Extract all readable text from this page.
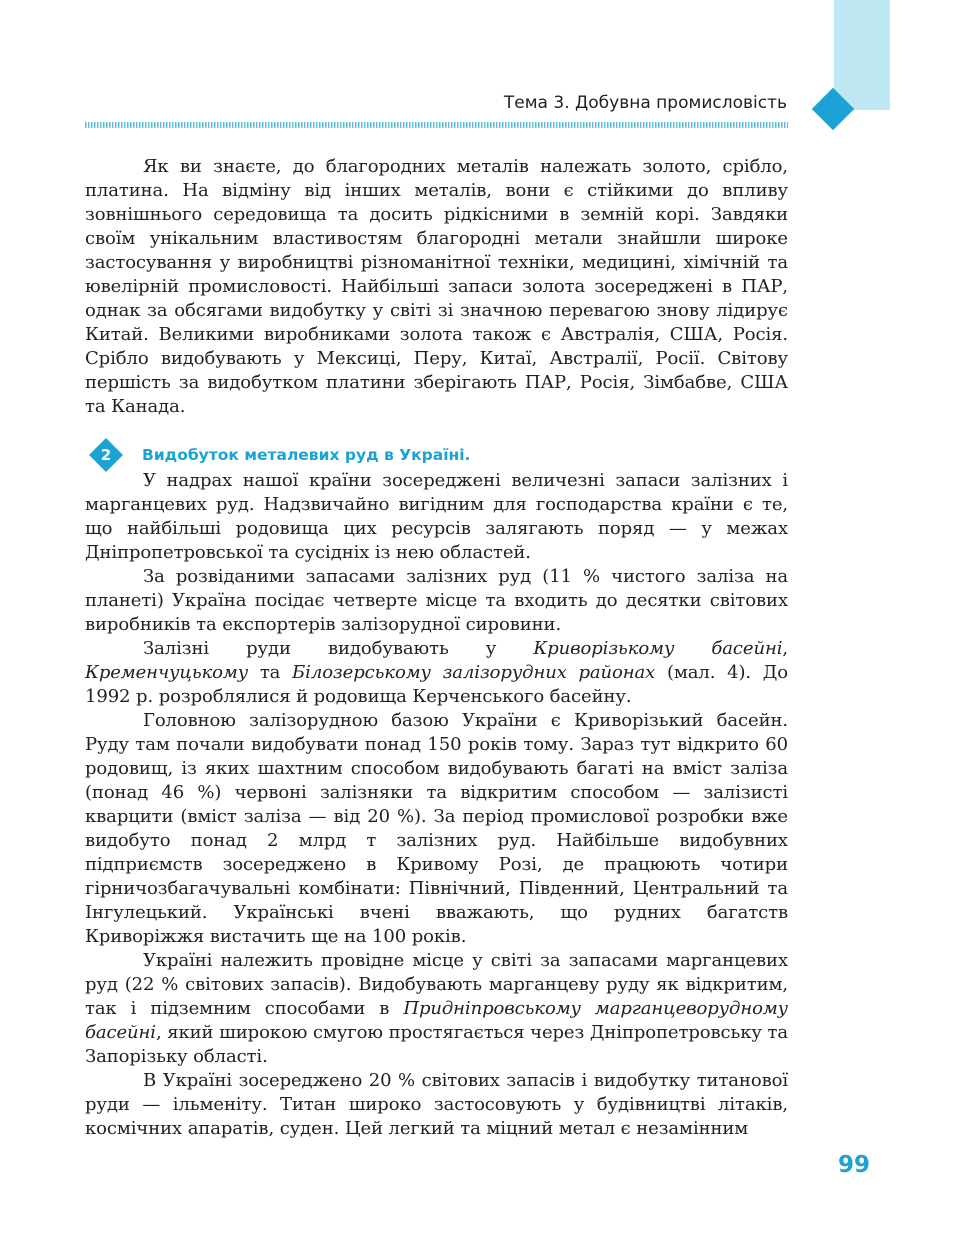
Тема 3. Добувна промисловість

Як ви знаєте, до благородних металів належать золото, срібло, платина. На відміну від інших металів, вони є стійкими до впливу зовнішнього середовища та досить рідкісними в земній корі. Завдяки своїм унікальним властивостям благородні метали знайшли широке застосування у виробництві різноманітної техніки, медицині, хімічній та ювелірній промисловості. Найбільші запаси золота зосереджені в ПАР, однак за обсягами видобутку у світі зі значною перевагою знову лідирує Китай. Великими виробниками золота також є Австралія, США, Росія. Срібло видобувають у Мексиці, Перу, Китаї, Австралії, Росії. Світову першість за видобутком платини зберігають ПАР, Росія, Зімбабве, США та Канада.

2	Видобуток металевих руд в Україні.

У надрах нашої країни зосереджені величезні запаси залізних і марганцевих руд. Надзвичайно вигідним для господарства країни є те, що найбільші родовища цих ресурсів залягають поряд — у межах Дніпропетровської та сусідніх із нею областей.

За розвіданими запасами залізних руд (11 % чистого заліза на планеті) Україна посідає четверте місце та входить до десятки світових виробників та експортерів залізорудної сировини.

Залізні руди видобувають у Криворізькому басейні, Кременчуцькому та Білозерському залізорудних районах (мал. 4). До 1992 р. розроблялися й родовища Керченського басейну.

Головною залізорудною базою України є Криворізький басейн. Руду там почали видобувати понад 150 років тому. Зараз тут відкрито 60 родовищ, із яких шахтним способом видобувають багаті на вміст заліза (понад 46 %) червоні залізняки та відкритим способом — залізисті кварцити (вміст заліза — від 20 %). За період промислової розробки вже видобуто понад 2 млрд т залізних руд. Найбільше видобувних підприємств зосереджено в Кривому Розі, де працюють чотири гірничозбагачувальні комбінати: Північний, Південний, Центральний та Інгулецький. Українські вчені вважають, що рудних багатств Криворіжжя вистачить ще на 100 років.

Україні належить провідне місце у світі за запасами марганцевих руд (22 % світових запасів). Видобувають марганцеву руду як відкритим, так і підземним способами в Придніпровському марганцеворудному басейні, який широкою смугою простягається через Дніпропетровську та Запорізьку області.

В Україні зосереджено 20 % світових запасів і видобутку титанової руди — ільменіту. Титан широко застосовують у будівництві літаків, космічних апаратів, суден. Цей легкий та міцний метал є незамінним

99
